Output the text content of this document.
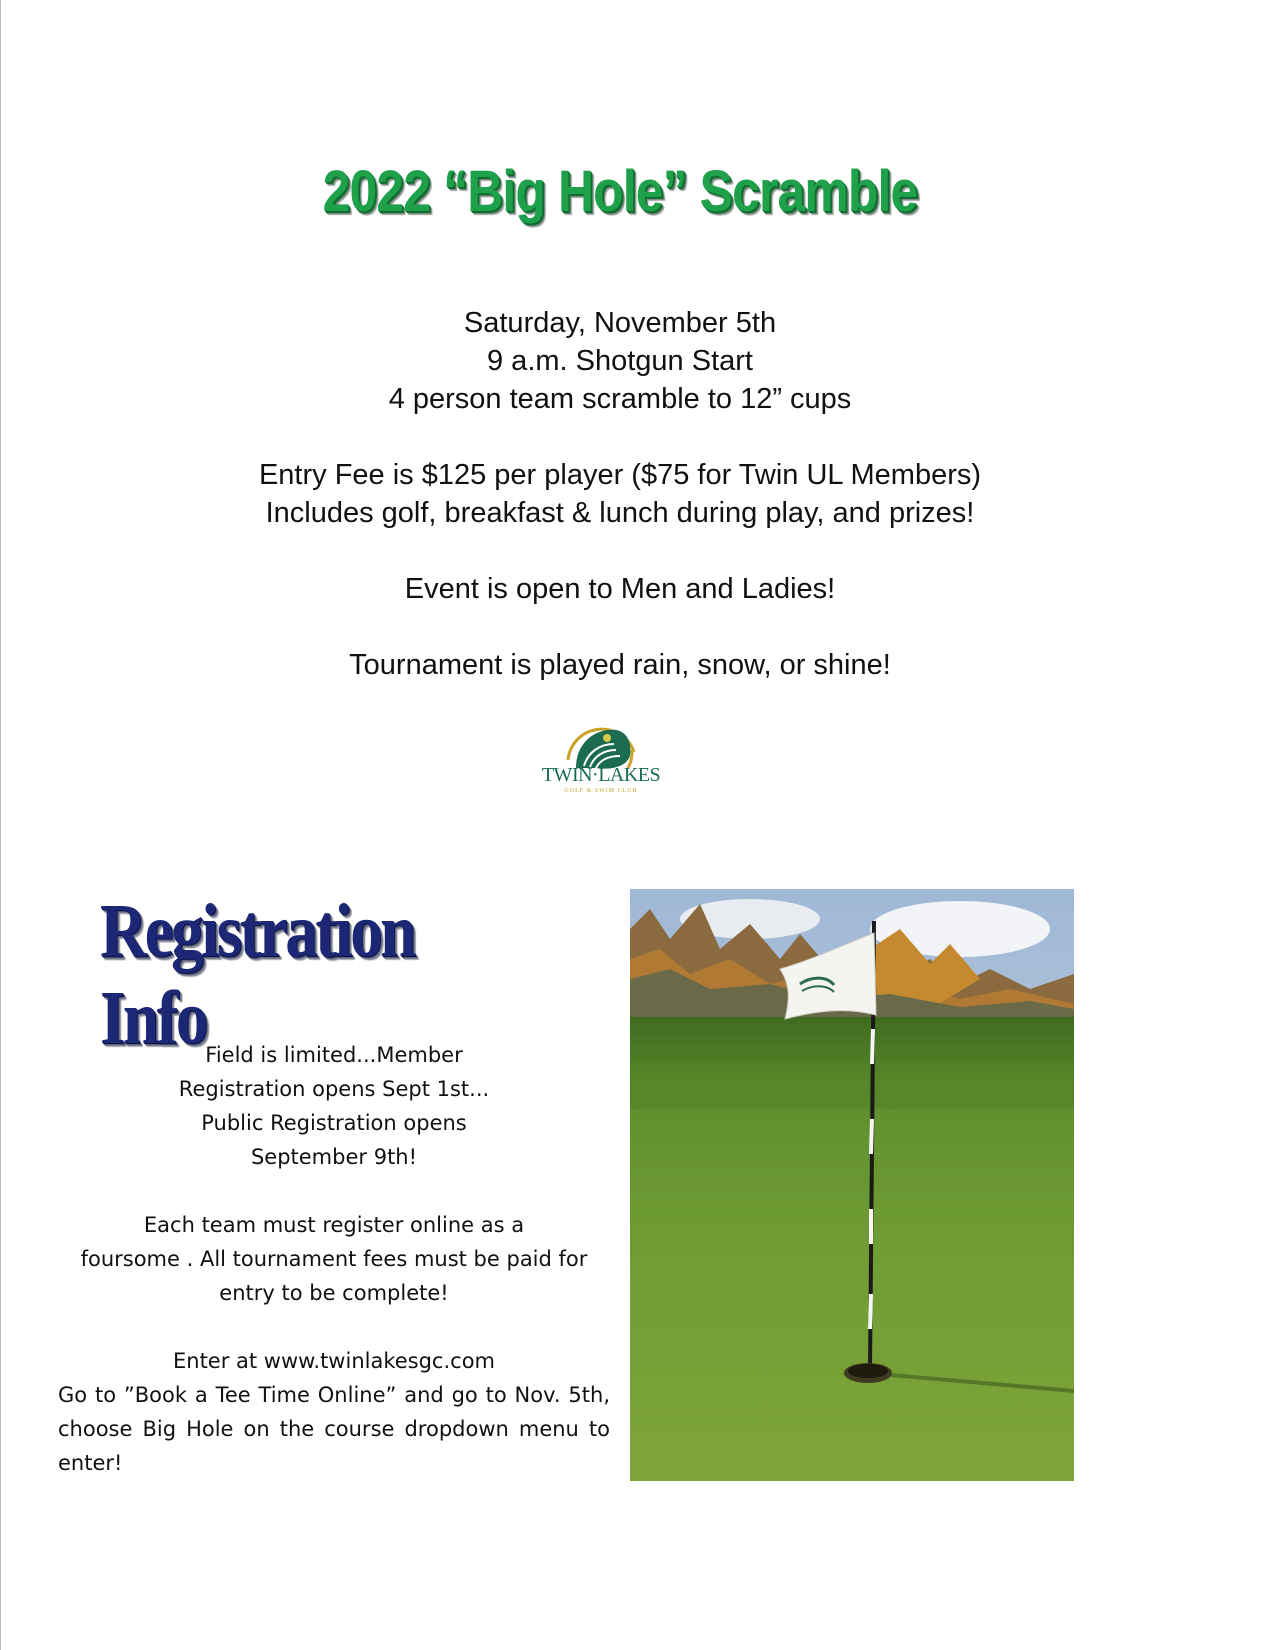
2022 “Big Hole” Scramble
Saturday, November 5th
9 a.m. Shotgun Start
4 person team scramble to 12” cups
Entry Fee is $125 per player ($75 for Twin UL Members)
Includes golf, breakfast & lunch during play, and prizes!
Event is open to Men and Ladies!
Tournament is played rain, snow, or shine!
TWIN·LAKES
GOLF & SWIM CLUB
Registration Info Field is limited...Member

Registration opens Sept 1st...

Public Registration opens

September 9th!

Each team must register online as a

foursome . All tournament fees must be paid for

entry to be complete!

Enter at www.twinlakesgc.com

Go to ”Book a Tee Time Online” and go to Nov. 5th, choose Big Hole on the course dropdown menu to enter!
